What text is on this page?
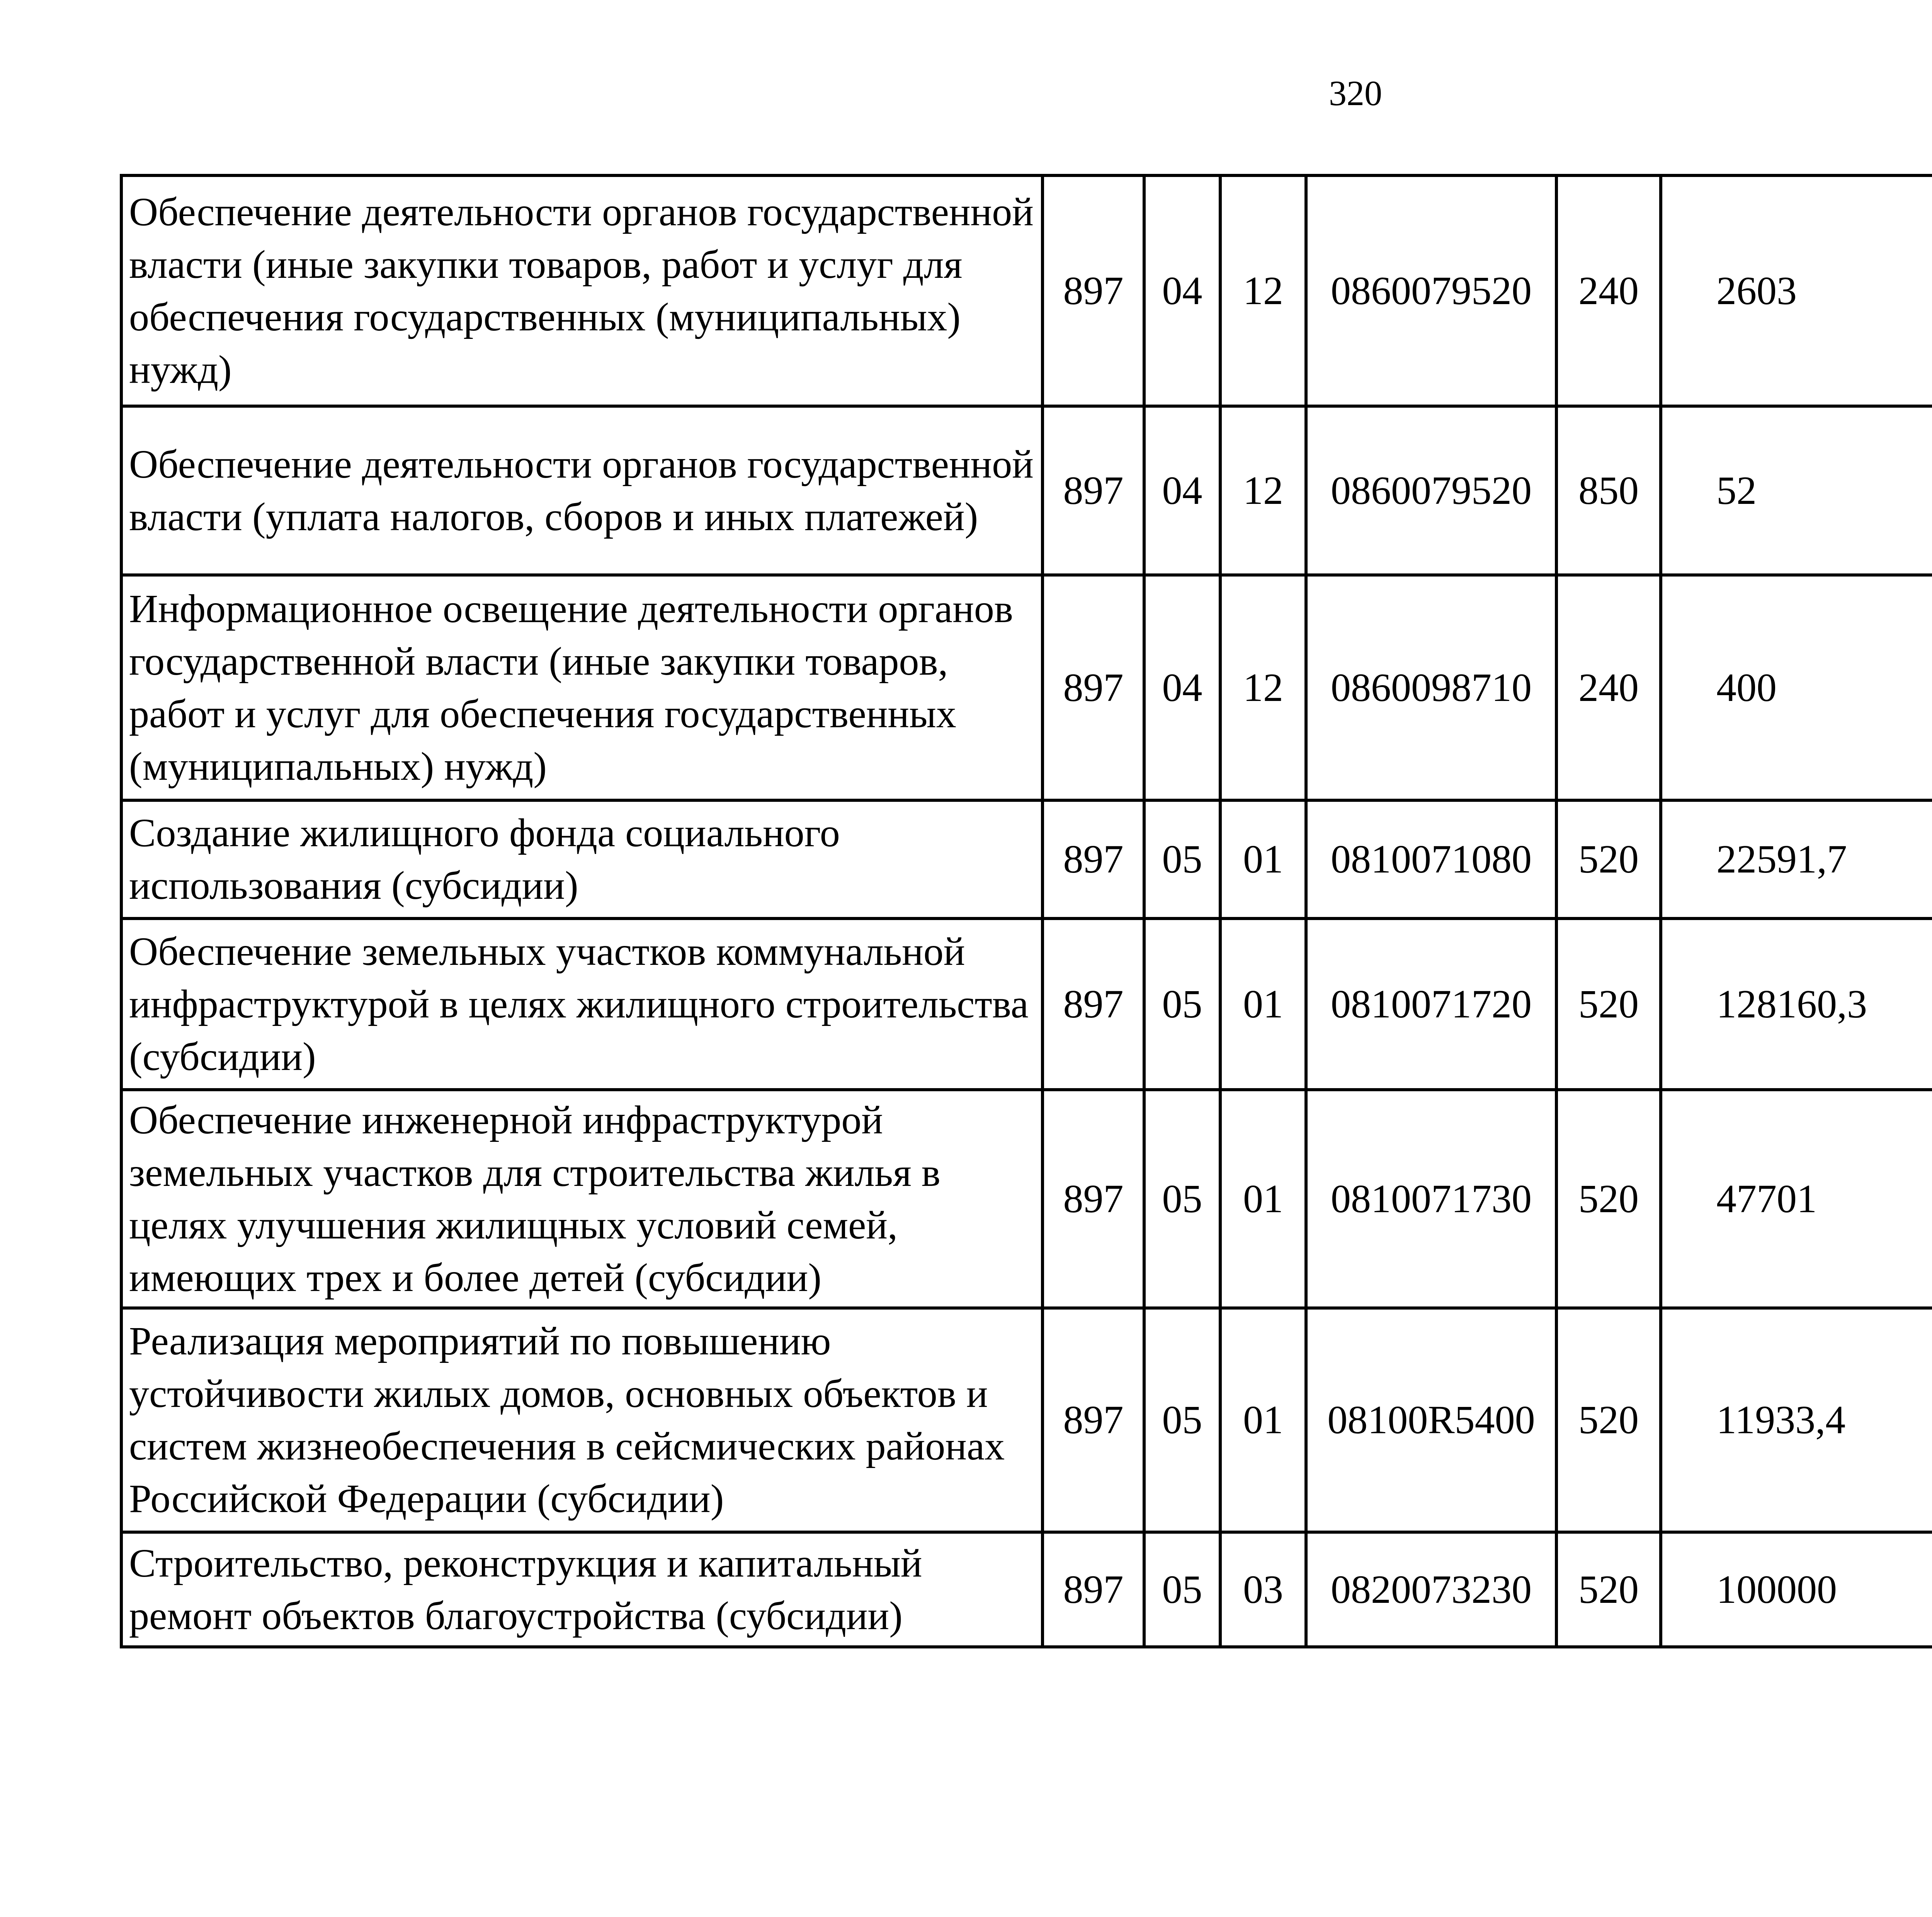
320
Обеспечение деятельности органов государственной власти (иные закупки товаров, работ и услуг для обеспечения государственных (муниципальных) нужд)	897	04	12	0860079520	240	2603		
Обеспечение деятельности органов государственной власти (уплата налогов, сборов и иных платежей)	897	04	12	0860079520	850	52		
Информационное освещение деятельности органов государственной власти (иные закупки товаров, работ и услуг для обеспечения государственных (муниципальных) нужд)	897	04	12	0860098710	240	400		
Создание жилищного фонда социального использования (субсидии)	897	05	01	0810071080	520	22591,7		
Обеспечение земельных участков коммунальной инфраструктурой в целях жилищного строительства (субсидии)	897	05	01	0810071720	520	128160,3		
Обеспечение инженерной инфраструктурой земельных участков для строительства жилья в целях улучшения жилищных условий семей, имеющих трех и более детей (субсидии)	897	05	01	0810071730	520	47701		
Реализация мероприятий по повышению устойчивости жилых домов, основных объектов и систем жизнеобеспечения в сейсмических районах Российской Федерации (субсидии)	897	05	01	08100R5400	520	11933,4		
Строительство, реконструкция и капитальный ремонт объектов благоустройства (субсидии)	897	05	03	0820073230	520	100000		
